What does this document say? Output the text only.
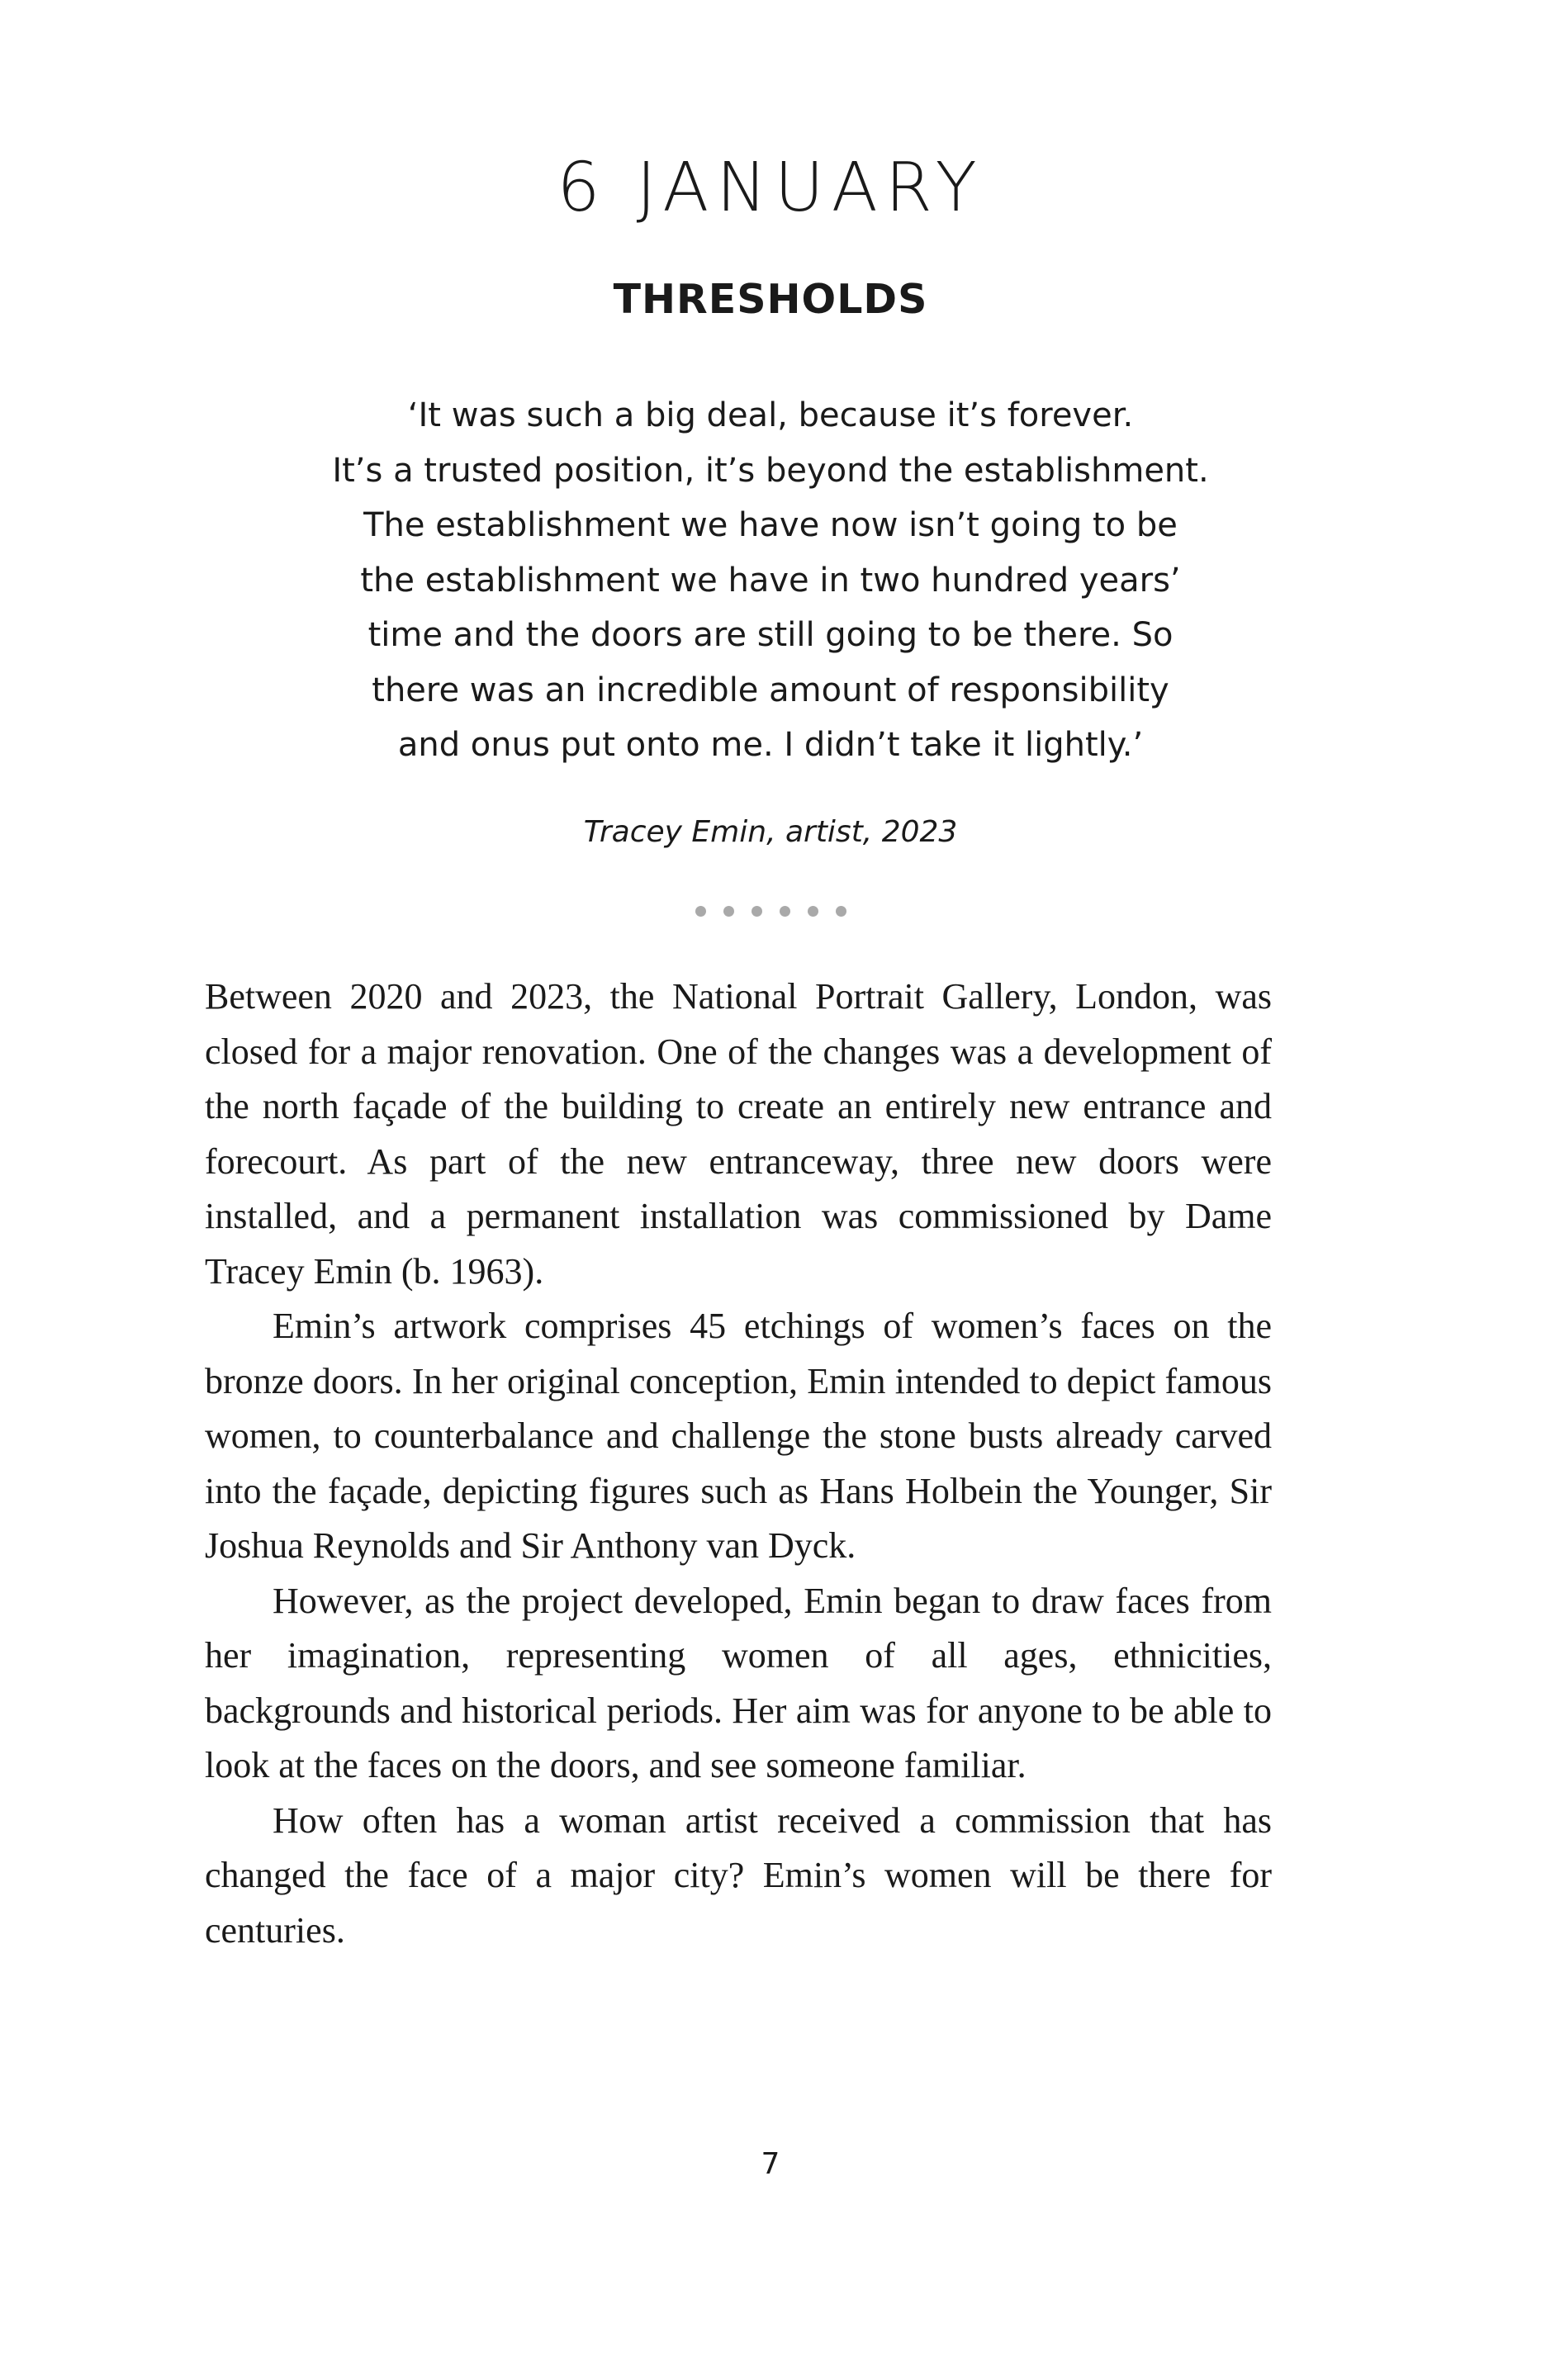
6 JANUARY
THRESHOLDS
‘It was such a big deal, because it’s forever.
It’s a trusted position, it’s beyond the establishment.
The establishment we have now isn’t going to be
the establishment we have in two hundred years’
time and the doors are still going to be there. So
there was an incredible amount of responsibility
and onus put onto me. I didn’t take it lightly.’

Tracey Emin, artist, 2023

Between 2020 and 2023, the National Portrait Gallery, London, was closed for a major renovation. One of the changes was a development of the north façade of the building to create an entirely new entrance and forecourt. As part of the new entranceway, three new doors were installed, and a permanent installation was commissioned by Dame Tracey Emin (b. 1963).

Emin’s artwork comprises 45 etchings of women’s faces on the bronze doors. In her original conception, Emin intended to depict famous women, to counterbalance and challenge the stone busts already carved into the façade, depicting figures such as Hans Holbein the Younger, Sir Joshua Reynolds and Sir Anthony van Dyck.

However, as the project developed, Emin began to draw faces from her imagination, representing women of all ages, ethnicities, backgrounds and historical periods. Her aim was for anyone to be able to look at the faces on the doors, and see someone familiar.

How often has a woman artist received a commission that has changed the face of a major city? Emin’s women will be there for centuries.

7
